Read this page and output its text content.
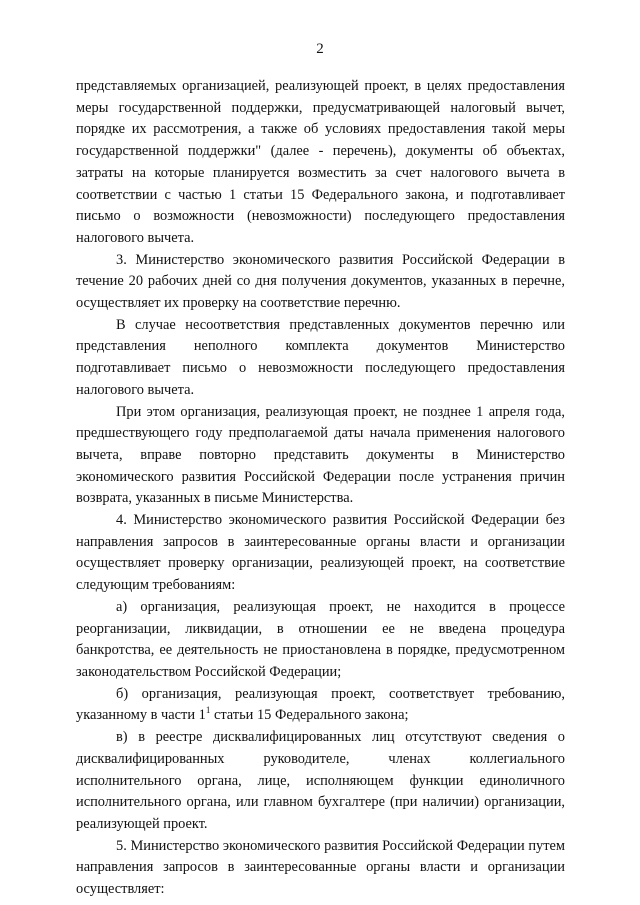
2

представляемых организацией, реализующей проект, в целях предоставления меры государственной поддержки, предусматривающей налоговый вычет, порядке их рассмотрения, а также об условиях предоставления такой меры государственной поддержки" (далее - перечень), документы об объектах, затраты на которые планируется возместить за счет налогового вычета в соответствии с частью 1 статьи 15 Федерального закона, и подготавливает письмо о возможности (невозможности) последующего предоставления налогового вычета.

3. Министерство экономического развития Российской Федерации в течение 20 рабочих дней со дня получения документов, указанных в перечне, осуществляет их проверку на соответствие перечню.

В случае несоответствия представленных документов перечню или представления неполного комплекта документов Министерство подготавливает письмо о невозможности последующего предоставления налогового вычета.

При этом организация, реализующая проект, не позднее 1 апреля года, предшествующего году предполагаемой даты начала применения налогового вычета, вправе повторно представить документы в Министерство экономического развития Российской Федерации после устранения причин возврата, указанных в письме Министерства.

4. Министерство экономического развития Российской Федерации без направления запросов в заинтересованные органы власти и организации осуществляет проверку организации, реализующей проект, на соответствие следующим требованиям:

а) организация, реализующая проект, не находится в процессе реорганизации, ликвидации, в отношении ее не введена процедура банкротства, ее деятельность не приостановлена в порядке, предусмотренном законодательством Российской Федерации;

б) организация, реализующая проект, соответствует требованию, указанному в части $1^1$ статьи 15 Федерального закона;

в) в реестре дисквалифицированных лиц отсутствуют сведения о дисквалифицированных руководителе, членах коллегиального исполнительного органа, лице, исполняющем функции единоличного исполнительного органа, или главном бухгалтере (при наличии) организации, реализующей проект.

5. Министерство экономического развития Российской Федерации путем направления запросов в заинтересованные органы власти и организации осуществляет:
